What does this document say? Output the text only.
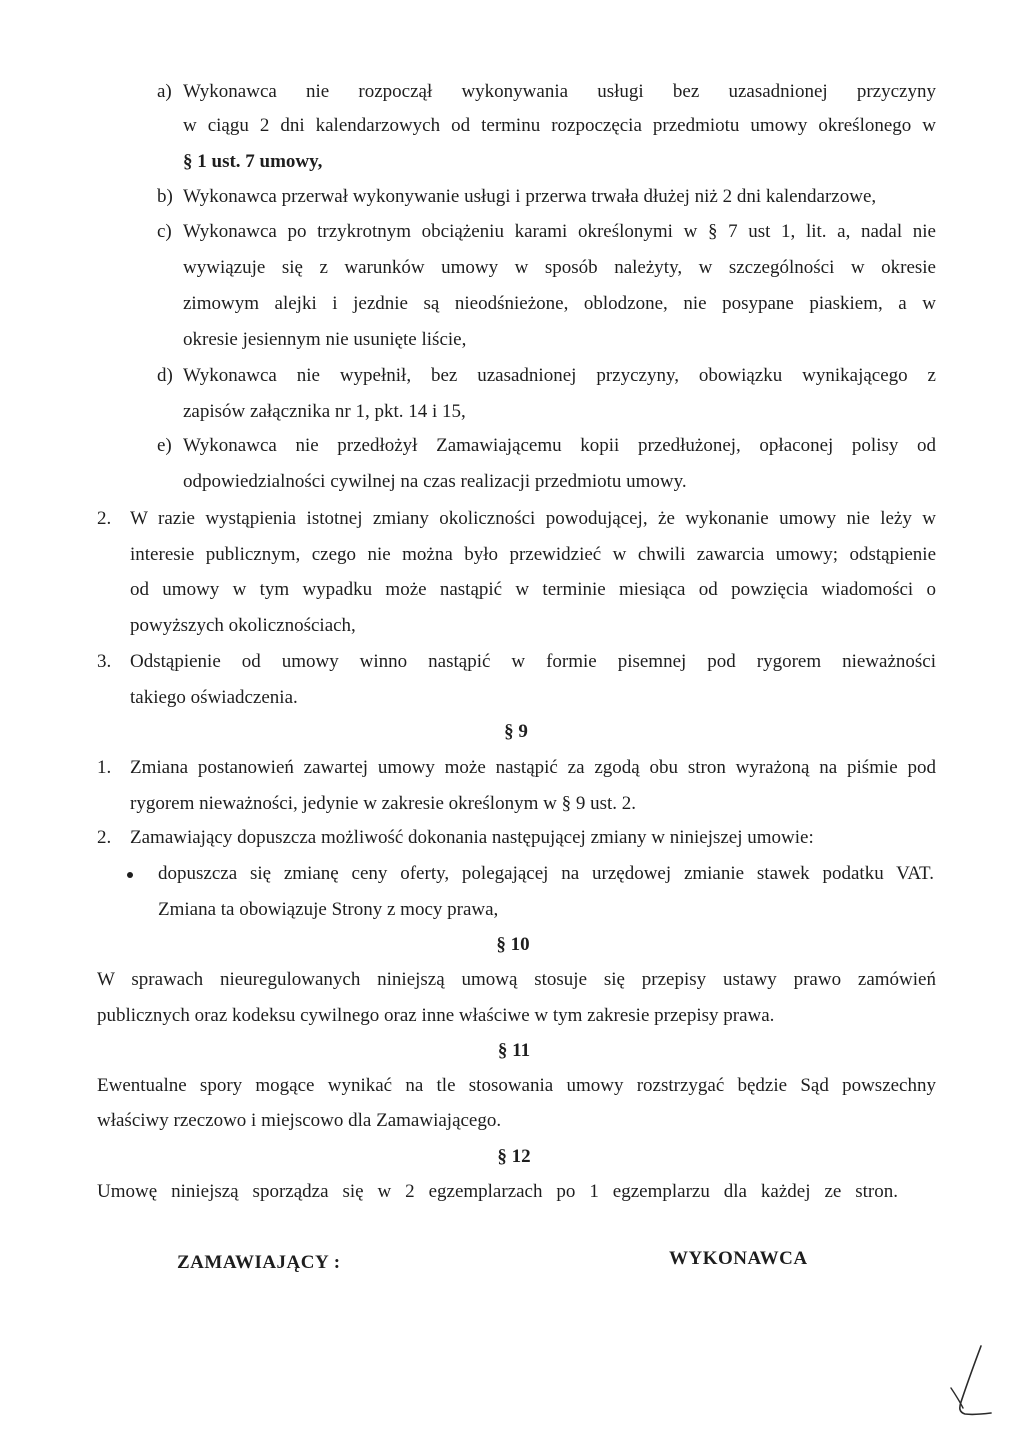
a) Wykonawca nie rozpoczął wykonywania usługi bez uzasadnionej przyczyny
w ciągu 2 dni kalendarzowych od terminu rozpoczęcia przedmiotu umowy określonego w
§ 1 ust. 7 umowy,
b) Wykonawca przerwał wykonywanie usługi i przerwa trwała dłużej niż 2 dni kalendarzowe,
c) Wykonawca po trzykrotnym obciążeniu karami określonymi w § 7 ust 1, lit. a, nadal nie
wywiązuje się z warunków umowy w sposób należyty, w szczególności w okresie
zimowym alejki i jezdnie są nieodśnieżone, oblodzone, nie posypane piaskiem, a w
okresie jesiennym nie usunięte liście,
d) Wykonawca nie wypełnił, bez uzasadnionej przyczyny, obowiązku wynikającego z
zapisów załącznika nr 1, pkt. 14 i 15,
e) Wykonawca nie przedłożył Zamawiającemu kopii przedłużonej, opłaconej polisy od
odpowiedzialności cywilnej na czas realizacji przedmiotu umowy.
2. W razie wystąpienia istotnej zmiany okoliczności powodującej, że wykonanie umowy nie leży w
interesie publicznym, czego nie można było przewidzieć w chwili zawarcia umowy; odstąpienie
od umowy w tym wypadku może nastąpić w terminie miesiąca od powzięcia wiadomości o
powyższych okolicznościach,
3. Odstąpienie od umowy winno nastąpić w formie pisemnej pod rygorem nieważności
takiego oświadczenia.
§ 9
1. Zmiana postanowień zawartej umowy może nastąpić za zgodą obu stron wyrażoną na piśmie pod
rygorem nieważności, jedynie w zakresie określonym w § 9 ust. 2.
2. Zamawiający dopuszcza możliwość dokonania następującej zmiany w niniejszej umowie:
dopuszcza się zmianę ceny oferty, polegającej na urzędowej zmianie stawek podatku VAT.
Zmiana ta obowiązuje Strony z mocy prawa,
§ 10
W sprawach nieuregulowanych niniejszą umową stosuje się przepisy ustawy prawo zamówień
publicznych oraz kodeksu cywilnego oraz inne właściwe w tym zakresie przepisy prawa.
§ 11
Ewentualne spory mogące wynikać na tle stosowania umowy rozstrzygać będzie Sąd powszechny
właściwy rzeczowo i miejscowo dla Zamawiającego.
§ 12
Umowę niniejszą sporządza się w 2 egzemplarzach po 1 egzemplarzu dla każdej ze stron.
ZAMAWIAJĄCY :	WYKONAWCA
